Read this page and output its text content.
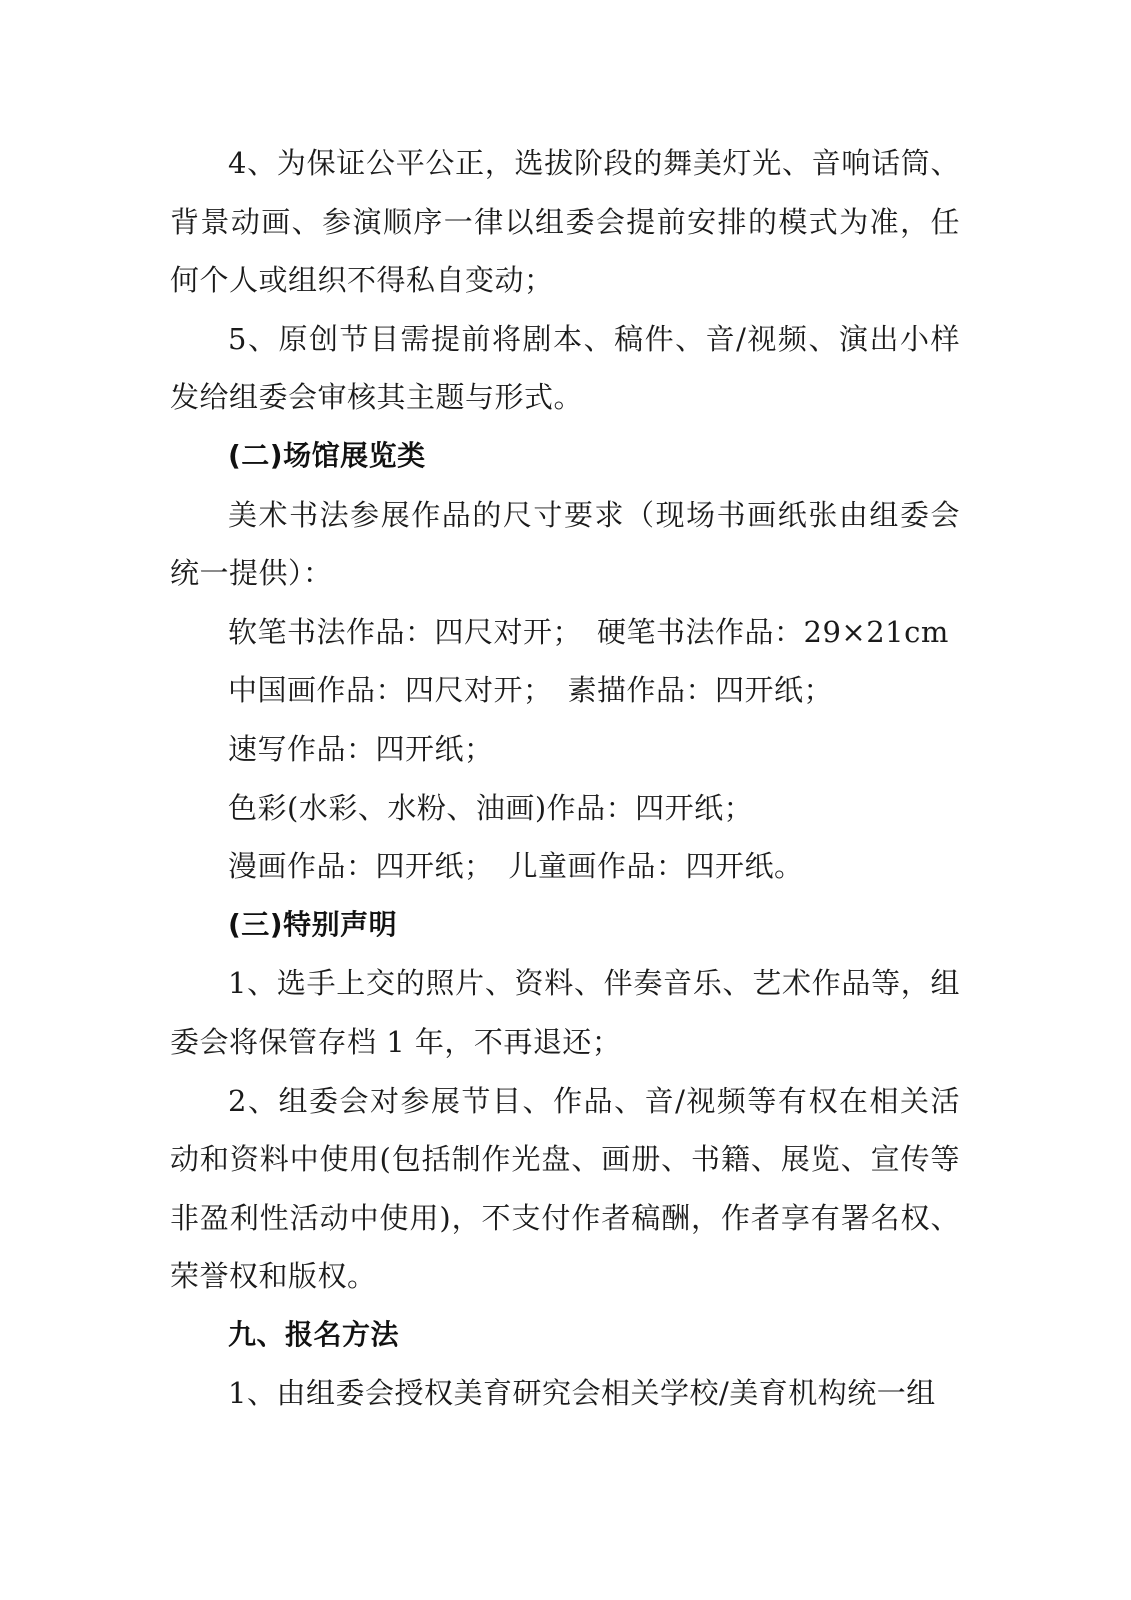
4、为保证公平公正，选拔阶段的舞美灯光、音响话筒、背景动画、参演顺序一律以组委会提前安排的模式为准，任何个人或组织不得私自变动；

5、原创节目需提前将剧本、稿件、音/视频、演出小样发给组委会审核其主题与形式。

(二)场馆展览类

美术书法参展作品的尺寸要求（现场书画纸张由组委会统一提供）：

软笔书法作品：四尺对开；　硬笔书法作品：29×21cm

中国画作品：四尺对开；　素描作品：四开纸；

速写作品：四开纸；

色彩(水彩、水粉、油画)作品：四开纸；

漫画作品：四开纸；　儿童画作品：四开纸。

(三)特别声明

1、选手上交的照片、资料、伴奏音乐、艺术作品等，组委会将保管存档 1 年，不再退还；

2、组委会对参展节目、作品、音/视频等有权在相关活动和资料中使用(包括制作光盘、画册、书籍、展览、宣传等非盈利性活动中使用)，不支付作者稿酬，作者享有署名权、荣誉权和版权。

九、报名方法

1、由组委会授权美育研究会相关学校/美育机构统一组
